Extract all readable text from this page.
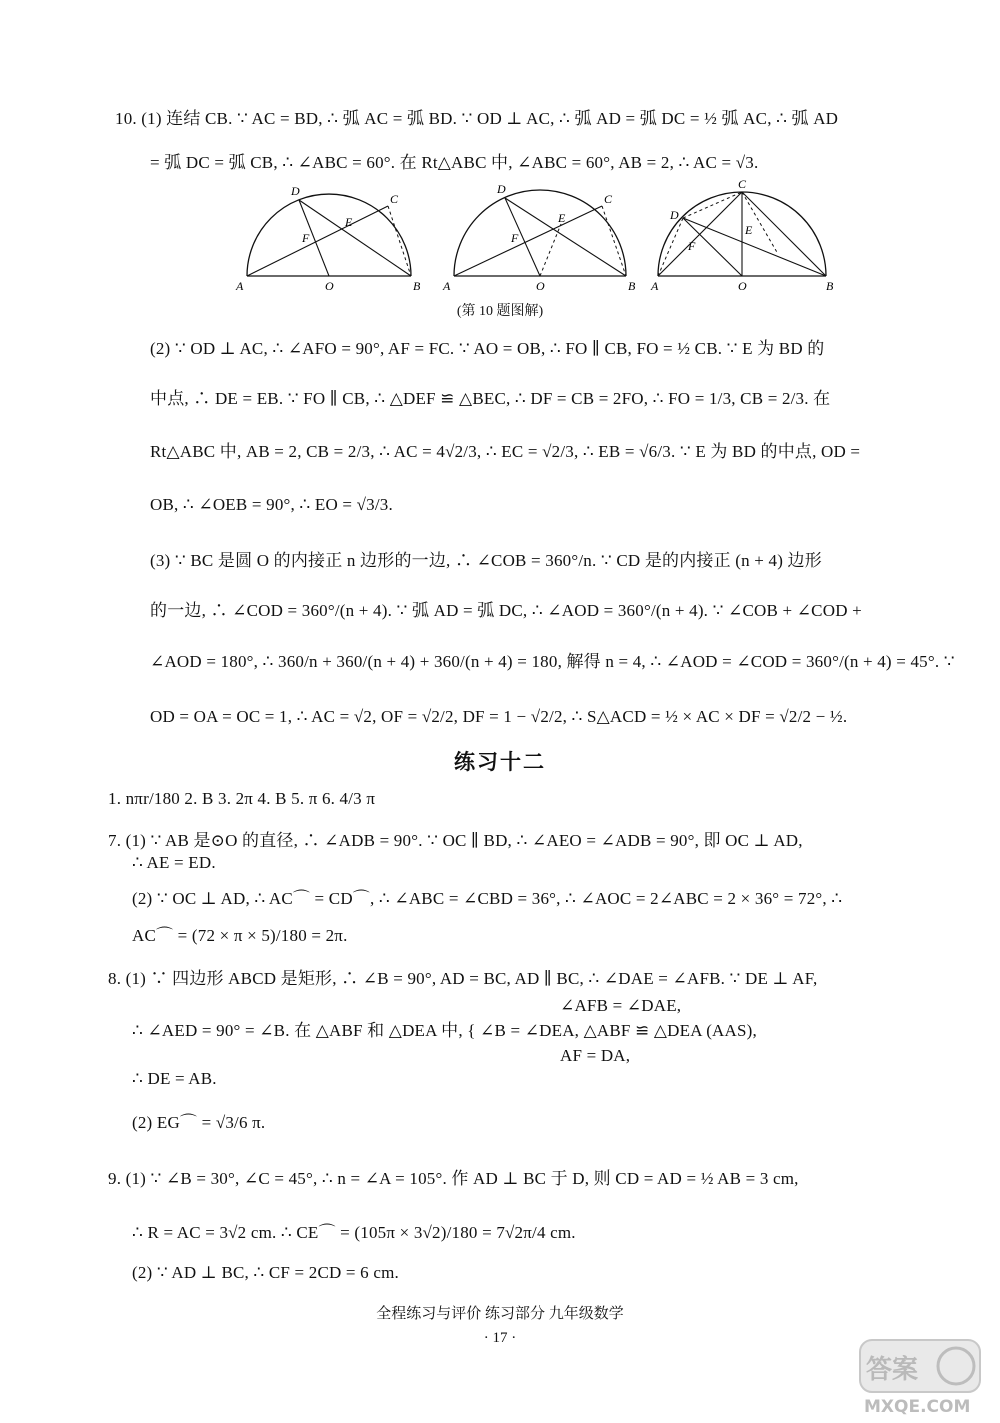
10. (1) 连结 CB. ∵ AC = BD, ∴ 弧 AC = 弧 BD. ∵ OD ⊥ AC, ∴ 弧 AD = 弧 DC = ½ 弧 AC, ∴ 弧 AD
= 弧 DC = 弧 CB, ∴ ∠ABC = 60°. 在 Rt△ABC 中, ∠ABC = 60°, AB = 2, ∴ AC = √3.
(2) ∵ OD ⊥ AC, ∴ ∠AFO = 90°, AF = FC. ∵ AO = OB, ∴ FO ∥ CB, FO = ½ CB. ∵ E 为 BD 的
中点, ∴ DE = EB. ∵ FO ∥ CB, ∴ △DEF ≌ △BEC, ∴ DF = CB = 2FO, ∴ FO = 1/3, CB = 2/3. 在
Rt△ABC 中, AB = 2, CB = 2/3, ∴ AC = 4√2/3, ∴ EC = √2/3, ∴ EB = √6/3. ∵ E 为 BD 的中点, OD =
OB, ∴ ∠OEB = 90°, ∴ EO = √3/3.
(3) ∵ BC 是圆 O 的内接正 n 边形的一边, ∴ ∠COB = 360°/n. ∵ CD 是的内接正 (n + 4) 边形
的一边, ∴ ∠COD = 360°/(n + 4). ∵ 弧 AD = 弧 DC, ∴ ∠AOD = 360°/(n + 4). ∵ ∠COB + ∠COD +
∠AOD = 180°, ∴ 360/n + 360/(n + 4) + 360/(n + 4) = 180, 解得 n = 4, ∴ ∠AOD = ∠COD = 360°/(n + 4) = 45°. ∵
OD = OA = OC = 1, ∴ AC = √2, OF = √2/2, DF = 1 − √2/2, ∴ S△ACD = ½ × AC × DF = √2/2 − ½.
1. nπr/180 2. B 3. 2π 4. B 5. π 6. 4/3 π
7. (1) ∵ AB 是⊙O 的直径, ∴ ∠ADB = 90°. ∵ OC ∥ BD, ∴ ∠AEO = ∠ADB = 90°, 即 OC ⊥ AD,
∴ AE = ED.
(2) ∵ OC ⊥ AD, ∴ AC⌒ = CD⌒, ∴ ∠ABC = ∠CBD = 36°, ∴ ∠AOC = 2∠ABC = 2 × 36° = 72°, ∴
AC⌒ = (72 × π × 5)/180 = 2π.
8. (1) ∵ 四边形 ABCD 是矩形, ∴ ∠B = 90°, AD = BC, AD ∥ BC, ∴ ∠DAE = ∠AFB. ∵ DE ⊥ AF,
∠AFB = ∠DAE,
∴ ∠AED = 90° = ∠B. 在 △ABF 和 △DEA 中, { ∠B = ∠DEA, △ABF ≌ △DEA (AAS),
AF = DA,
∴ DE = AB.
(2) EG⌒ = √3/6 π.
9. (1) ∵ ∠B = 30°, ∠C = 45°, ∴ n = ∠A = 105°. 作 AD ⊥ BC 于 D, 则 CD = AD = ½ AB = 3 cm,
∴ R = AC = 3√2 cm. ∴ CE⌒ = (105π × 3√2)/180 = 7√2π/4 cm.
(2) ∵ AD ⊥ BC, ∴ CF = 2CD = 6 cm.
A	B
C
D
E
F
O	A	B
C
D
E
F
O	A	B
C
D
E
F
O
(第 10 题图解)
练习十二
全程练习与评价 练习部分 九年级数学
· 17 ·
答案
MXQE.COM
